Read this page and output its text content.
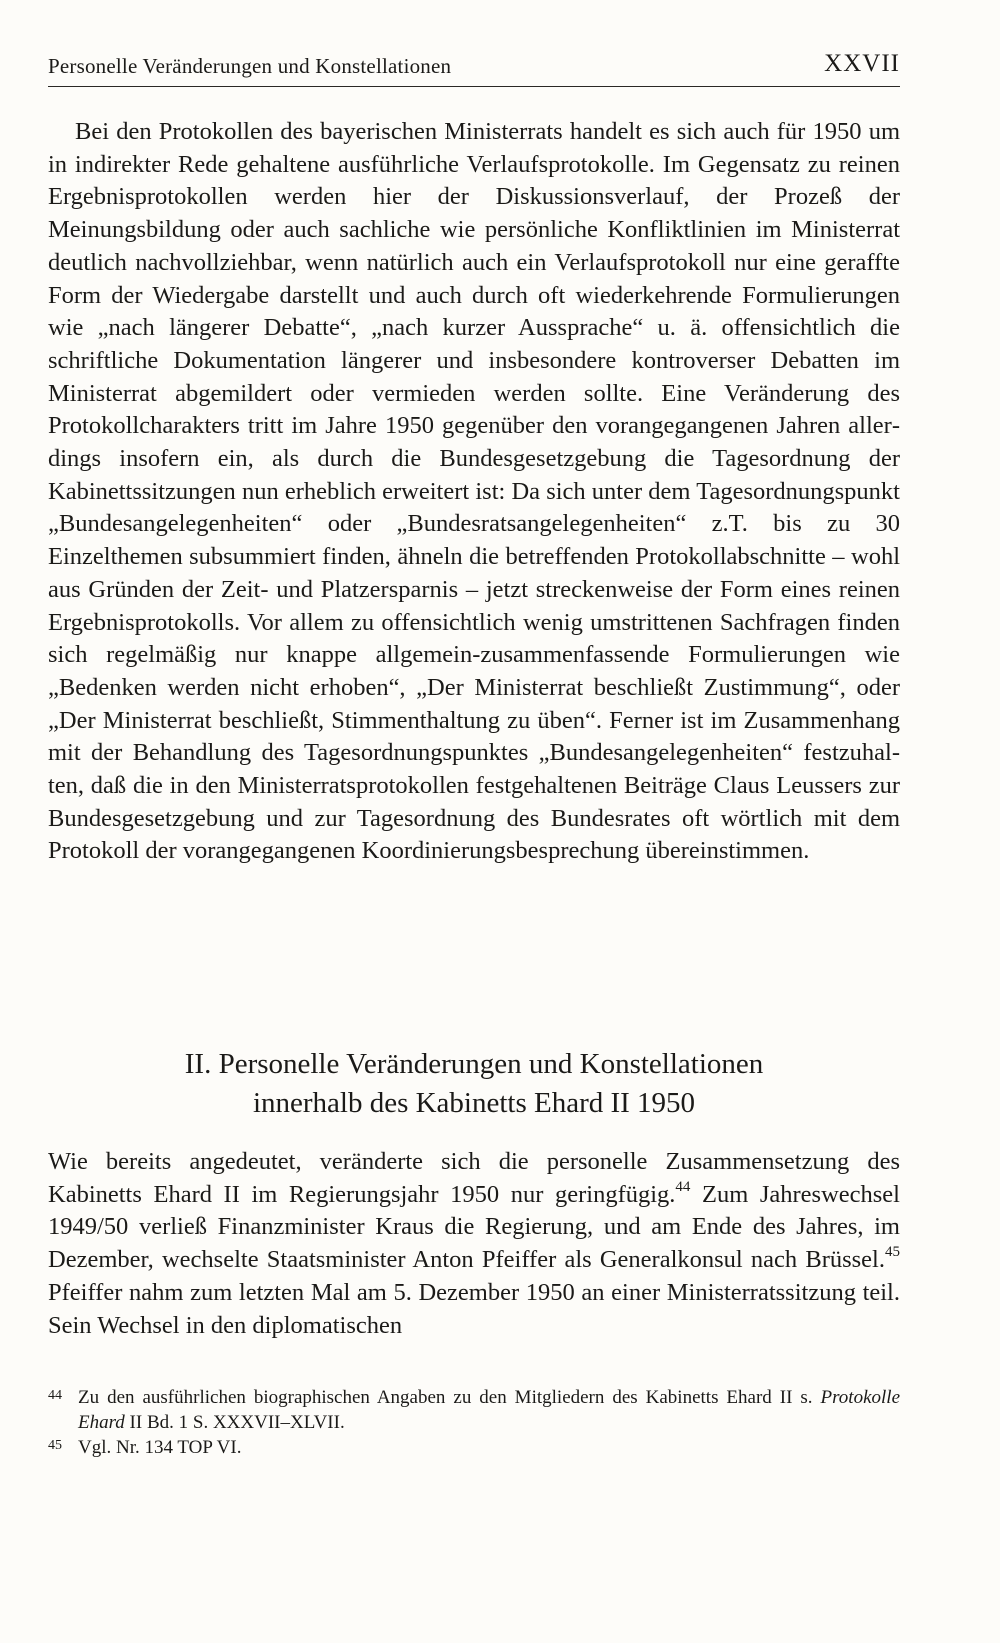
Personelle Veränderungen und Konstellationen	XXVII

Bei den Protokollen des bayerischen Ministerrats handelt es sich auch für 1950 um in indirekter Rede gehaltene ausführliche Verlaufsprotokolle. Im Gegensatz zu reinen Ergebnisprotokollen werden hier der Diskussionsverlauf, der Prozeß der Meinungsbildung oder auch sachliche wie persönliche Konfliktlinien im Ministerrat deutlich nachvollziehbar, wenn natürlich auch ein Verlaufsprotokoll nur eine geraffte Form der Wiedergabe darstellt und auch durch oft wiederkehrende Formulierungen wie „nach längerer Debatte“, „nach kurzer Aussprache“ u. ä. offensichtlich die schriftliche Dokumentation längerer und insbesondere kontroverser Debatten im Ministerrat abgemildert oder vermieden werden sollte. Eine Veränderung des Protokollcharakters tritt im Jahre 1950 gegenüber den vorangegangenen Jahren allerdings insofern ein, als durch die Bundesgesetzgebung die Tagesordnung der Kabinettssitzungen nun erheblich erweitert ist: Da sich unter dem Tagesordnungspunkt „Bundesangelegenheiten“ oder „Bundesratsangelegenheiten“ z.T. bis zu 30 Einzelthemen subsummiert finden, ähneln die betreffenden Protokollabschnitte – wohl aus Gründen der Zeit- und Platzersparnis – jetzt streckenweise der Form eines reinen Ergebnisprotokolls. Vor allem zu offensichtlich wenig umstrittenen Sachfragen finden sich regelmäßig nur knappe allgemein-zusammenfassende Formulierungen wie „Bedenken werden nicht erhoben“, „Der Ministerrat beschließt Zustimmung“, oder „Der Ministerrat beschließt, Stimmenthaltung zu üben“. Ferner ist im Zusammenhang mit der Behandlung des Tagesordnungspunktes „Bundesangelegenheiten“ festzuhalten, daß die in den Ministerratsprotokollen festgehaltenen Beiträge Claus Leussers zur Bundesgesetzgebung und zur Tagesordnung des Bundesrates oft wörtlich mit dem Protokoll der vorangegangenen Koordinierungsbesprechung übereinstimmen.

II. Personelle Veränderungen und Konstellationen
innerhalb des Kabinetts Ehard II 1950

Wie bereits angedeutet, veränderte sich die personelle Zusammensetzung des Kabinetts Ehard II im Regierungsjahr 1950 nur geringfügig.$^{44}$ Zum Jahreswechsel 1949/50 verließ Finanzminister Kraus die Regierung, und am Ende des Jahres, im Dezember, wechselte Staatsminister Anton Pfeiffer als Generalkonsul nach Brüssel.$^{45}$ Pfeiffer nahm zum letzten Mal am 5. Dezember 1950 an einer Ministerratssitzung teil. Sein Wechsel in den diplomatischen

44 Zu den ausführlichen biographischen Angaben zu den Mitgliedern des Kabinetts Ehard II s. Protokolle Ehard II Bd. 1 S. XXXVII–XLVII.
45 Vgl. Nr. 134 TOP VI.
